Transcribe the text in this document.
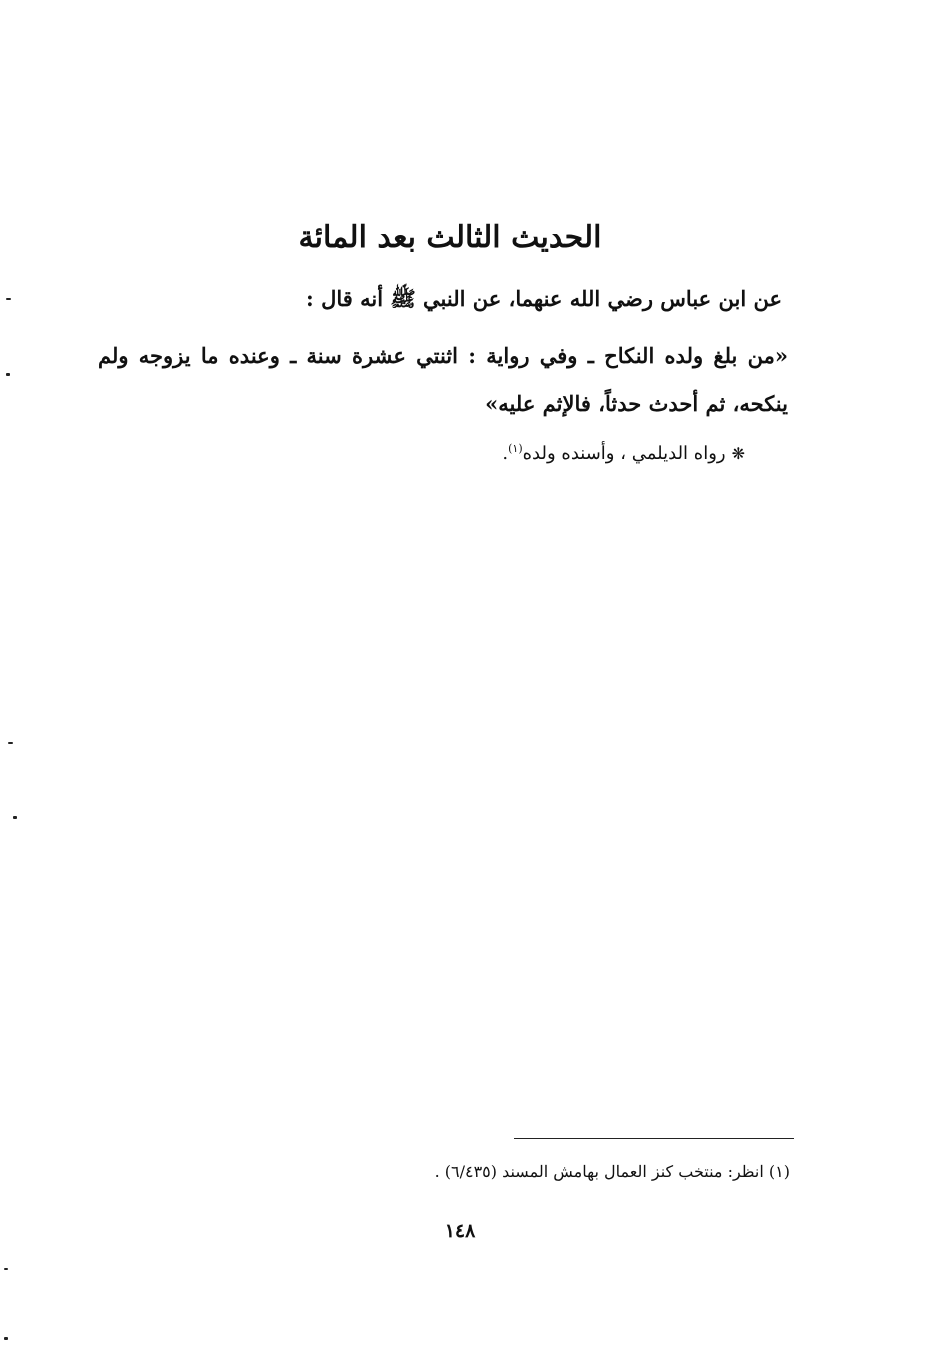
الحديث الثالث بعد المائة
عن ابن عباس رضي الله عنهما، عن النبي ﷺ أنه قال :
«من بلغ ولده النكاح ـ وفي رواية : اثنتي عشرة سنة ـ وعنده ما يزوجه ولم ينكحه، ثم أحدث حدثاً، فالإثم عليه»
❋رواه الديلمي ، وأسنده ولده$^{(١)}$.
(١) انظر: منتخب كنز العمال بهامش المسند (٦/٤٣٥) .
١٤٨
